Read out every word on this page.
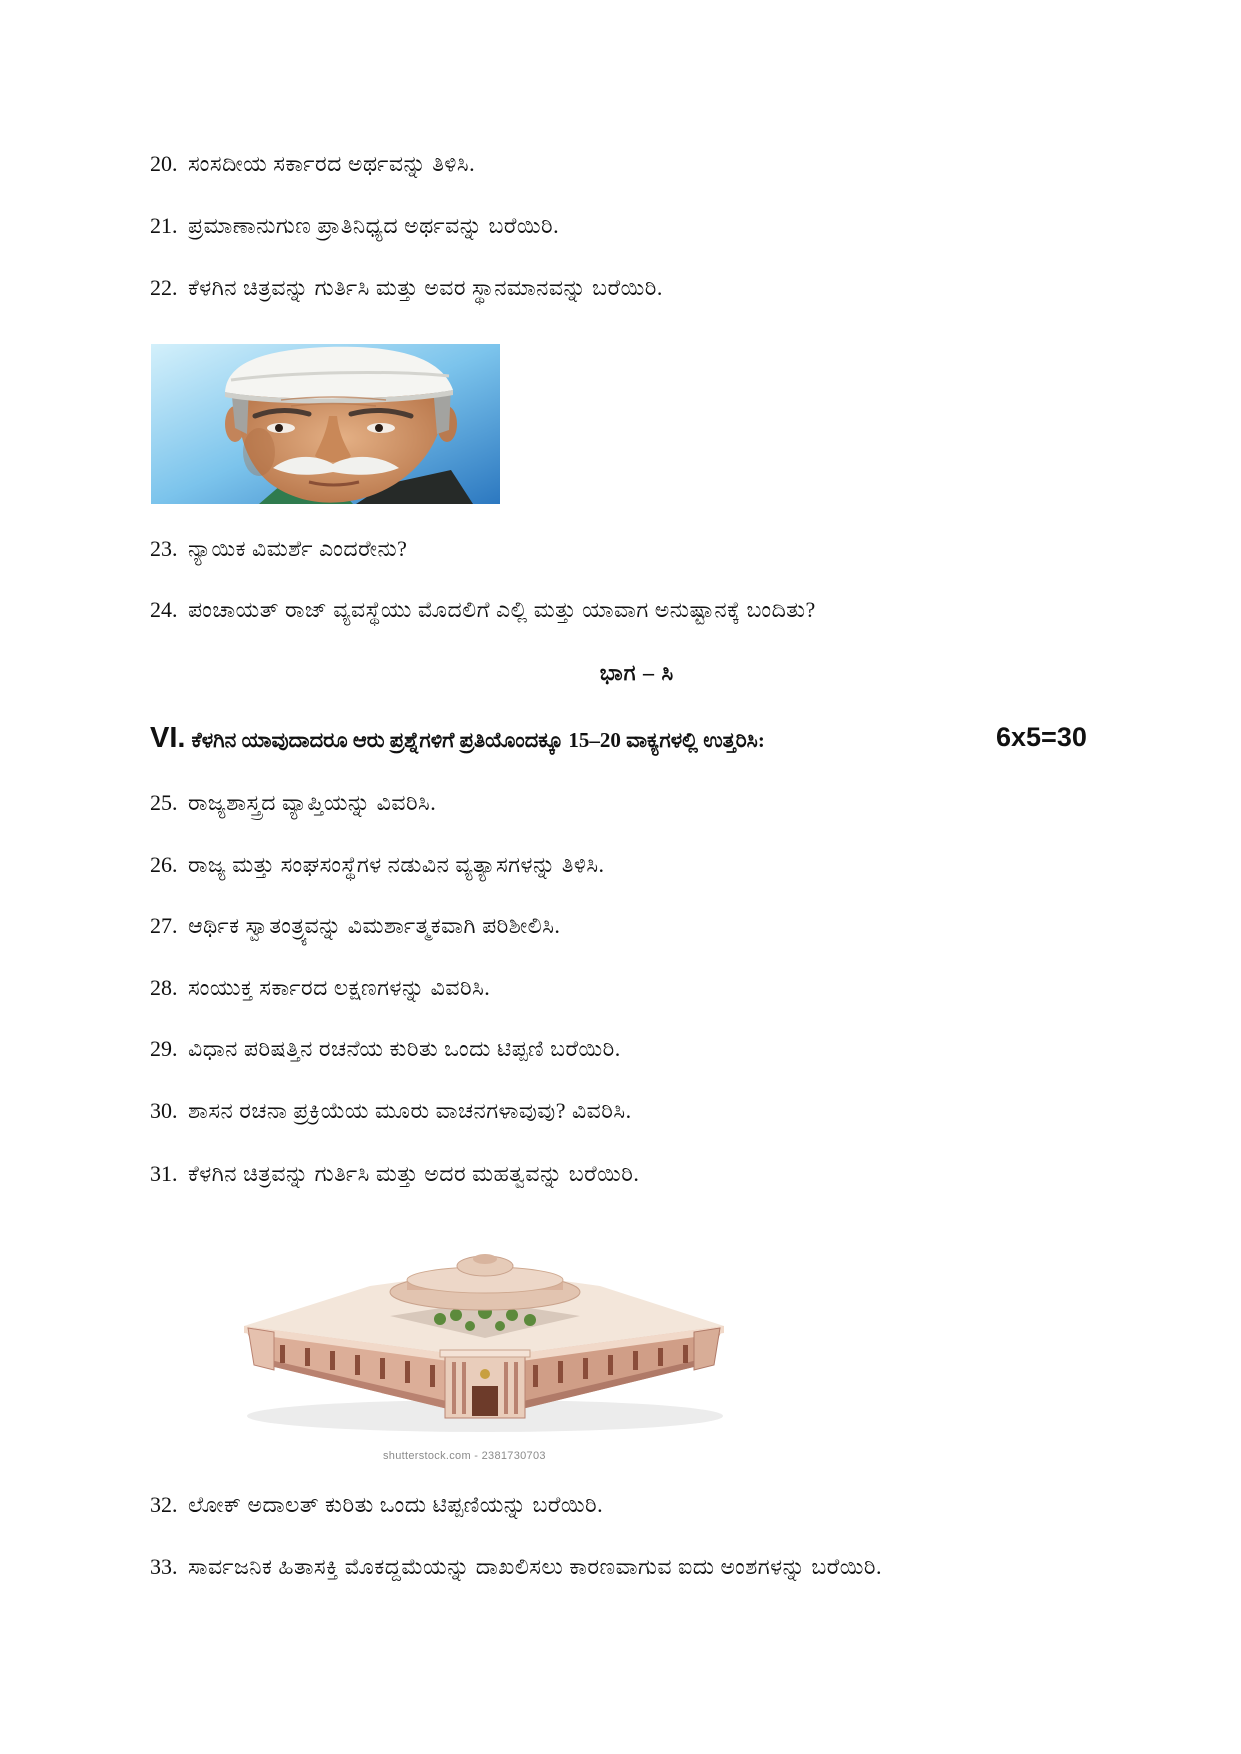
20. ಸಂಸದೀಯ ಸರ್ಕಾರದ ಅರ್ಥವನ್ನು ತಿಳಿಸಿ.
21. ಪ್ರಮಾಣಾನುಗುಣ ಪ್ರಾತಿನಿಧ್ಯದ ಅರ್ಥವನ್ನು ಬರೆಯಿರಿ.
22. ಕೆಳಗಿನ ಚಿತ್ರವನ್ನು ಗುರ್ತಿಸಿ ಮತ್ತು ಅವರ ಸ್ಥಾನಮಾನವನ್ನು ಬರೆಯಿರಿ.
23. ನ್ಯಾಯಿಕ ವಿಮರ್ಶೆ ಎಂದರೇನು?
24. ಪಂಚಾಯತ್ ರಾಜ್ ವ್ಯವಸ್ಥೆಯು ಮೊದಲಿಗೆ ಎಲ್ಲಿ ಮತ್ತು ಯಾವಾಗ ಅನುಷ್ಟಾನಕ್ಕೆ ಬಂದಿತು?
ಭಾಗ – ಸಿ
VI. ಕೆಳಗಿನ ಯಾವುದಾದರೂ ಆರು ಪ್ರಶ್ನೆಗಳಿಗೆ ಪ್ರತಿಯೊಂದಕ್ಕೂ 15–20 ವಾಕ್ಯಗಳಲ್ಲಿ ಉತ್ತರಿಸಿ:	6x5=30
25. ರಾಜ್ಯಶಾಸ್ತ್ರದ ವ್ಯಾಪ್ತಿಯನ್ನು ವಿವರಿಸಿ.
26. ರಾಜ್ಯ ಮತ್ತು ಸಂಘಸಂಸ್ಥೆಗಳ ನಡುವಿನ ವ್ಯತ್ಯಾಸಗಳನ್ನು ತಿಳಿಸಿ.
27. ಆರ್ಥಿಕ ಸ್ವಾತಂತ್ರ್ಯವನ್ನು ವಿಮರ್ಶಾತ್ಮಕವಾಗಿ ಪರಿಶೀಲಿಸಿ.
28. ಸಂಯುಕ್ತ ಸರ್ಕಾರದ ಲಕ್ಷಣಗಳನ್ನು ವಿವರಿಸಿ.
29. ವಿಧಾನ ಪರಿಷತ್ತಿನ ರಚನೆಯ ಕುರಿತು ಒಂದು ಟಿಪ್ಪಣಿ ಬರೆಯಿರಿ.
30. ಶಾಸನ ರಚನಾ ಪ್ರಕ್ರಿಯೆಯ ಮೂರು ವಾಚನಗಳಾವುವು? ವಿವರಿಸಿ.
31. ಕೆಳಗಿನ ಚಿತ್ರವನ್ನು ಗುರ್ತಿಸಿ ಮತ್ತು ಅದರ ಮಹತ್ವವನ್ನು ಬರೆಯಿರಿ.
shutterstock.com - 2381730703
32. ಲೋಕ್ ಅದಾಲತ್ ಕುರಿತು ಒಂದು ಟಿಪ್ಪಣಿಯನ್ನು ಬರೆಯಿರಿ.
33. ಸಾರ್ವಜನಿಕ ಹಿತಾಸಕ್ತಿ ಮೊಕದ್ದಮೆಯನ್ನು ದಾಖಲಿಸಲು ಕಾರಣವಾಗುವ ಐದು ಅಂಶಗಳನ್ನು ಬರೆಯಿರಿ.
